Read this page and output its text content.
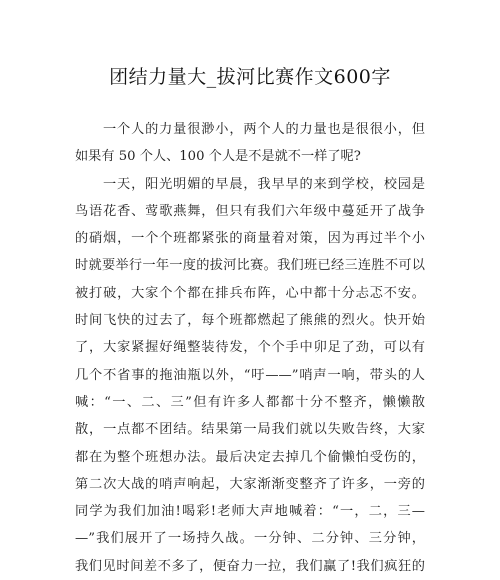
团结力量大_拔河比赛作文600字
一个人的力量很渺小，两个人的力量也是很很小，但
如果有 50 个人、100 个人是不是就不一样了呢?
一天，阳光明媚的早晨，我早早的来到学校，校园是
鸟语花香、莺歌燕舞，但只有我们六年级中蔓延开了战争
的硝烟，一个个班都紧张的商量着对策，因为再过半个小
时就要举行一年一度的拔河比赛。我们班已经三连胜不可以
被打破，大家个个都在排兵布阵，心中都十分忐忑不安。
时间飞快的过去了，每个班都燃起了熊熊的烈火。快开始
了，大家紧握好绳整装待发，个个手中卯足了劲，可以有
几个不省事的拖油瓶以外，“吁——”哨声一响，带头的人
喊：“一、二、三”但有许多人都都十分不整齐，懒懒散
散，一点都不团结。结果第一局我们就以失败告终，大家
都在为整个班想办法。最后决定去掉几个偷懒怕受伤的，
第二次大战的哨声响起，大家渐渐变整齐了许多，一旁的
同学为我们加油!喝彩!老师大声地喊着：“一，二，三—
—”我们展开了一场持久战。一分钟、二分钟、三分钟，
我们见时间差不多了，便奋力一拉，我们赢了!我们疯狂的
